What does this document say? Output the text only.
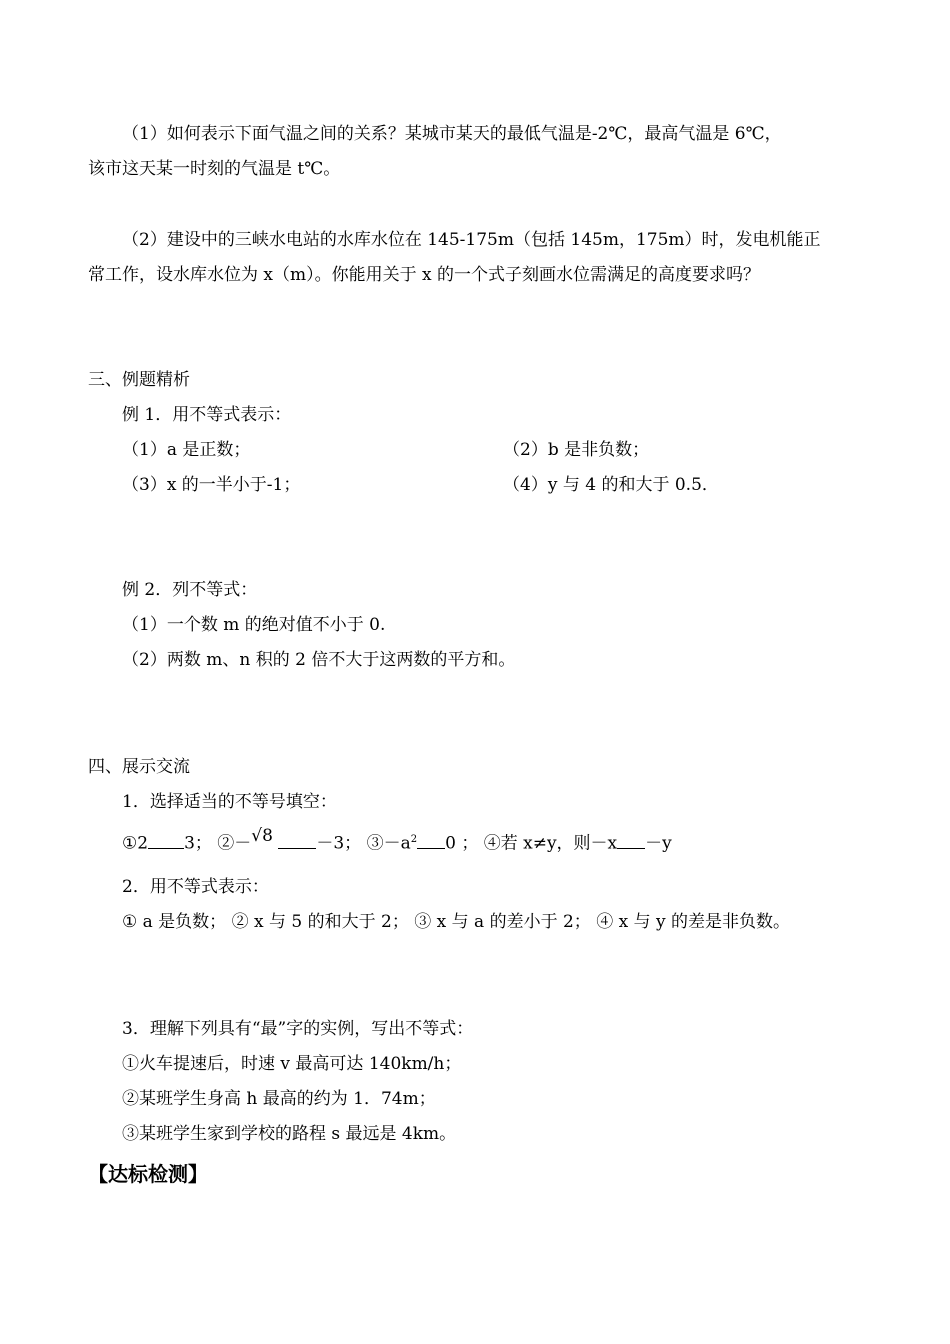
（1）如何表示下面气温之间的关系？某城市某天的最低气温是-2℃，最高气温是 6℃，
该市这天某一时刻的气温是 t℃。
（2）建设中的三峡水电站的水库水位在 145-175m（包括 145m，175m）时，发电机能正
常工作，设水库水位为 x（m）。你能用关于 x 的一个式子刻画水位需满足的高度要求吗？
三、例题精析
例 1．用不等式表示：
（1）a 是正数；	（2）b 是非负数；
（3）x 的一半小于-1；	（4）y 与 4 的和大于 0.5．
例 2．列不等式：
（1）一个数 m 的绝对值不小于 0.
（2）两数 m、n 积的 2 倍不大于这两数的平方和。
四、展示交流
1．选择适当的不等号填空：
①2 3； ②－√8	－3； $③-a^2$ 0 ； ④若 x≠y，则－x －y
2．用不等式表示：
① a 是负数； ② x 与 5 的和大于 2； ③ x 与 a 的差小于 2； ④ x 与 y 的差是非负数。
3．理解下列具有“最”字的实例，写出不等式：
①火车提速后，时速 v 最高可达 140km/h；
②某班学生身高 h 最高的约为 1．74m；
③某班学生家到学校的路程 s 最远是 4km。
【达标检测】
